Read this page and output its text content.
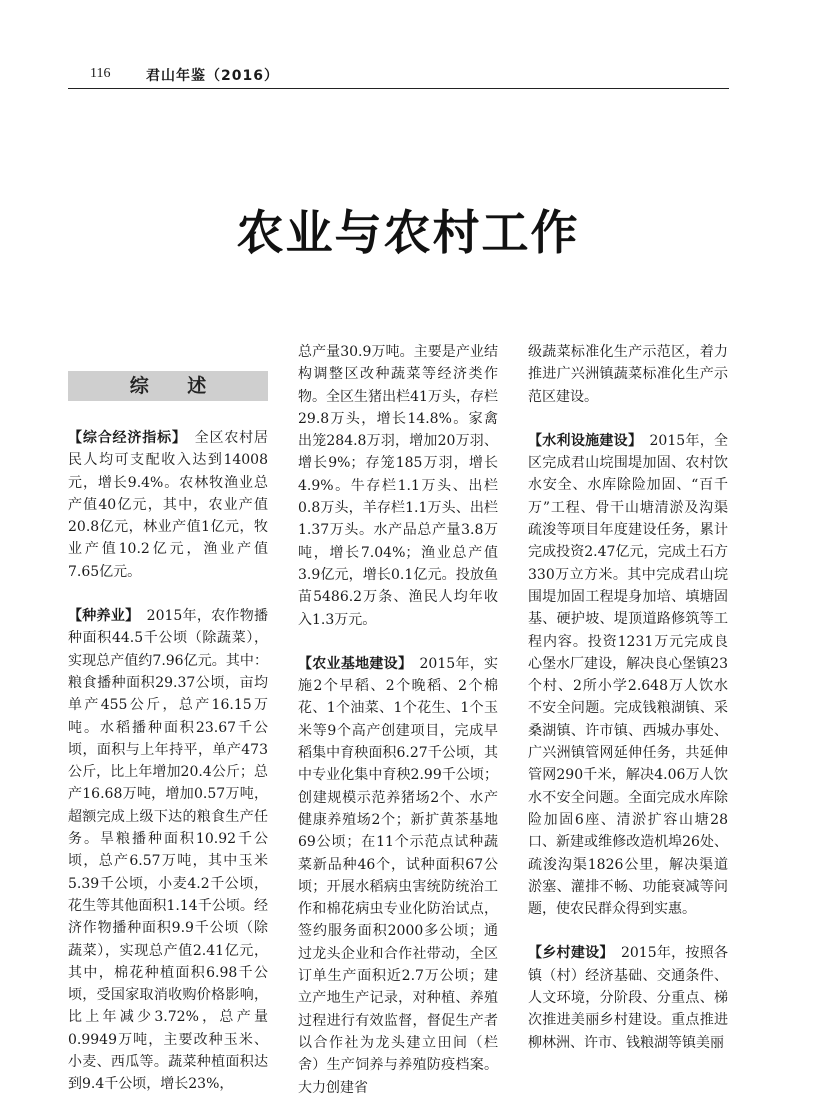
116	君山年鉴（2016）
农业与农村工作
综 述

【综合经济指标】　全区农村居民人均可支配收入达到14008元，增长9.4%。农林牧渔业总产值40亿元，其中，农业产值20.8亿元，林业产值1亿元，牧业产值10.2亿元，渔业产值7.65亿元。

【种养业】　2015年，农作物播种面积44.5千公顷（除蔬菜），实现总产值约7.96亿元。其中：粮食播种面积29.37公顷，亩均单产455公斤，总产16.15万吨。水稻播种面积23.67千公顷，面积与上年持平，单产473公斤，比上年增加20.4公斤；总产16.68万吨，增加0.57万吨，超额完成上级下达的粮食生产任务。旱粮播种面积10.92千公顷，总产6.57万吨，其中玉米5.39千公顷，小麦4.2千公顷，花生等其他面积1.14千公顷。经济作物播种面积9.9千公顷（除蔬菜），实现总产值2.41亿元，其中，棉花种植面积6.98千公顷，受国家取消收购价格影响，比上年减少3.72%，总产量0.9949万吨，主要改种玉米、小麦、西瓜等。蔬菜种植面积达到9.4千公顷，增长23%，

总产量30.9万吨。主要是产业结构调整区改种蔬菜等经济类作物。全区生猪出栏41万头，存栏29.8万头，增长14.8%。家禽出笼284.8万羽，增加20万羽、增长9%；存笼185万羽，增长4.9%。牛存栏1.1万头、出栏0.8万头，羊存栏1.1万头、出栏1.37万头。水产品总产量3.8万吨，增长7.04%；渔业总产值3.9亿元，增长0.1亿元。投放鱼苗5486.2万条、渔民人均年收入1.3万元。

【农业基地建设】　2015年，实施2个早稻、2个晚稻、2个棉花、1个油菜、1个花生、1个玉米等9个高产创建项目，完成早稻集中育秧面积6.27千公顷，其中专业化集中育秧2.99千公顷；创建规模示范养猪场2个、水产健康养殖场2个；新扩黄茶基地69公顷；在11个示范点试种蔬菜新品种46个，试种面积67公顷；开展水稻病虫害统防统治工作和棉花病虫专业化防治试点，签约服务面积2000多公顷；通过龙头企业和合作社带动，全区订单生产面积近2.7万公顷；建立产地生产记录，对种植、养殖过程进行有效监督，督促生产者以合作社为龙头建立田间（栏舍）生产饲养与养殖防疫档案。大力创建省

级蔬菜标准化生产示范区，着力推进广兴洲镇蔬菜标准化生产示范区建设。

【水利设施建设】　2015年，全区完成君山垸围堤加固、农村饮水安全、水库除险加固、“百千万”工程、骨干山塘清淤及沟渠疏浚等项目年度建设任务，累计完成投资2.47亿元，完成土石方330万立方米。其中完成君山垸围堤加固工程堤身加培、填塘固基、硬护坡、堤顶道路修筑等工程内容。投资1231万元完成良心堡水厂建设，解决良心堡镇23个村、2所小学2.648万人饮水不安全问题。完成钱粮湖镇、采桑湖镇、许市镇、西城办事处、广兴洲镇管网延伸任务，共延伸管网290千米，解决4.06万人饮水不安全问题。全面完成水库除险加固6座、清淤扩容山塘28口、新建或维修改造机埠26处、疏浚沟渠1826公里，解决渠道淤塞、灌排不畅、功能衰减等问题，使农民群众得到实惠。

【乡村建设】　2015年，按照各镇（村）经济基础、交通条件、人文环境，分阶段、分重点、梯次推进美丽乡村建设。重点推进柳林洲、许市、钱粮湖等镇美丽
